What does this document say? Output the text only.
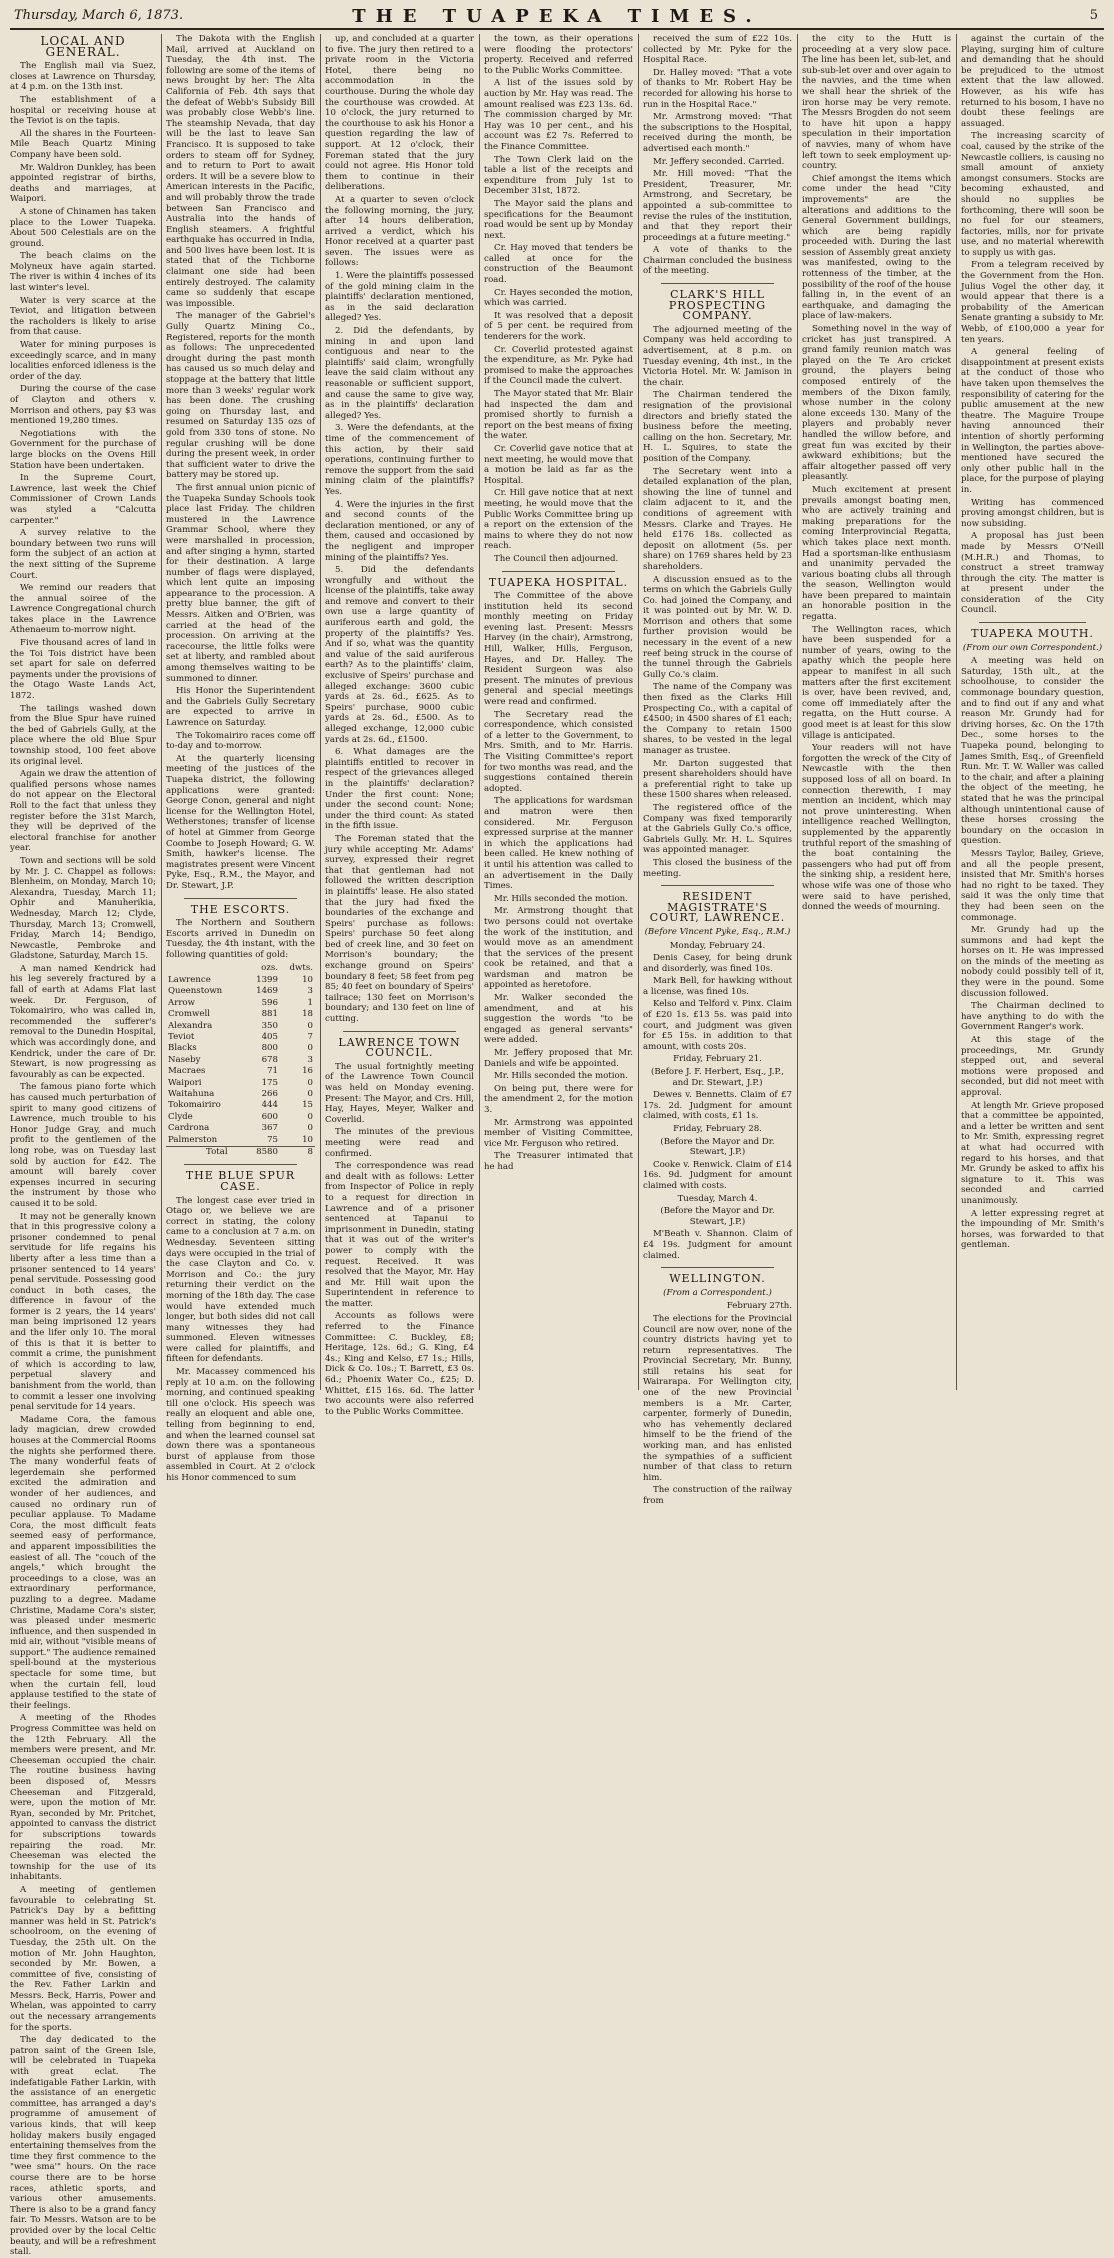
Thursday, March 6, 1873.	THE TUAPEKA TIMES.	5
LOCAL AND GENERAL.

The English mail via Suez, closes at Lawrence on Thursday, at 4 p.m. on the 13th inst.

The establishment of a hospital or receiving house at the Teviot is on the tapis.

All the shares in the Fourteen-Mile Beach Quartz Mining Company have been sold.

Mr. Waldron Dunkley, has been appointed registrar of births, deaths and marriages, at Waipori.

A stone of Chinamen has taken place to the Lower Tuapeka. About 500 Celestials are on the ground.

The beach claims on the Molyneux have again started. The river is within 4 inches of its last winter's level.

Water is very scarce at the Teviot, and litigation between the racholders is likely to arise from that cause.

Water for mining purposes is exceedingly scarce, and in many localities enforced idleness is the order of the day.

During the course of the case of Clayton and others v. Morrison and others, pay $3 was mentioned 19,280 times.

Negotiations with the Government for the purchase of large blocks on the Ovens Hill Station have been undertaken.

In the Supreme Court, Lawrence, last week the Chief Commissioner of Crown Lands was styled a "Calcutta carpenter."

A survey relative to the boundary between two runs will form the subject of an action at the next sitting of the Supreme Court.

We remind our readers that the annual soiree of the Lawrence Congregational church takes place in the Lawrence Athenaeum to-morrow night.

Five thousand acres of land in the Toi Tois district have been set apart for sale on deferred payments under the provisions of the Otago Waste Lands Act, 1872.

The tailings washed down from the Blue Spur have ruined the bed of Gabriels Gully, at the place where the old Blue Spur township stood, 100 feet above its original level.

Again we draw the attention of qualified persons whose names do not appear on the Electoral Roll to the fact that unless they register before the 31st March, they will be deprived of the electoral franchise for another year.

Town and sections will be sold by Mr. J. C. Chappel as follows: Blenheim, on Monday, March 10; Alexandra, Tuesday, March 11; Ophir and Manuherikia, Wednesday, March 12; Clyde, Thursday, March 13; Cromwell, Friday, March 14; Bendigo, Newcastle, Pembroke and Gladstone, Saturday, March 15.

A man named Kendrick had his leg severely fractured by a fall of earth at Adams Flat last week. Dr. Ferguson, of Tokomairiro, who was called in, recommended the sufferer's removal to the Dunedin Hospital, which was accordingly done, and Kendrick, under the care of Dr. Stewart, is now progressing as favourably as can be expected.

The famous piano forte which has caused much perturbation of spirit to many good citizens of Lawrence, much trouble to his Honor Judge Gray, and much profit to the gentlemen of the long robe, was on Tuesday last sold by auction for £42. The amount will barely cover expenses incurred in securing the instrument by those who caused it to be sold.

It may not be generally known that in this progressive colony a prisoner condemned to penal servitude for life regains his liberty after a less time than a prisoner sentenced to 14 years' penal servitude. Possessing good conduct in both cases, the difference in favour of the former is 2 years, the 14 years' man being imprisoned 12 years and the lifer only 10. The moral of this is that it is better to commit a crime, the punishment of which is according to law, perpetual slavery and banishment from the world, than to commit a lesser one involving penal servitude for 14 years.

Madame Cora, the famous lady magician, drew crowded houses at the Commercial Rooms the nights she performed there. The many wonderful feats of legerdemain she performed excited the admiration and wonder of her audiences, and caused no ordinary run of peculiar applause. To Madame Cora, the most difficult feats seemed easy of performance, and apparent impossibilities the easiest of all. The "couch of the angels," which brought the proceedings to a close, was an extraordinary performance, puzzling to a degree. Madame Christine, Madame Cora's sister, was pleased under mesmeric influence, and then suspended in mid air, without "visible means of support." The audience remained spell-bound at the mysterious spectacle for some time, but when the curtain fell, loud applause testified to the state of their feelings.

A meeting of the Rhodes Progress Committee was held on the 12th February. All the members were present, and Mr. Cheeseman occupied the chair. The routine business having been disposed of, Messrs Cheeseman and Fitzgerald, were, upon the motion of Mr. Ryan, seconded by Mr. Pritchet, appointed to canvass the district for subscriptions towards repairing the road. Mr. Cheeseman was elected the township for the use of its inhabitants.

A meeting of gentlemen favourable to celebrating St. Patrick's Day by a befitting manner was held in St. Patrick's schoolroom, on the evening of Tuesday, the 25th ult. On the motion of Mr. John Haughton, seconded by Mr. Bowen, a committee of five, consisting of the Rev. Father Larkin and Messrs. Beck, Harris, Power and Whelan, was appointed to carry out the necessary arrangements for the sports.

The day dedicated to the patron saint of the Green Isle, will be celebrated in Tuapeka with great eclat. The indefatigable Father Larkin, with the assistance of an energetic committee, has arranged a day's programme of amusement of various kinds, that will keep holiday makers busily engaged entertaining themselves from the time they first commence to the "wee sma'" hours. On the race course there are to be horse races, athletic sports, and various other amusements. There is also to be a grand fancy fair. To Messrs. Watson are to be provided over by the local Celtic beauty, and will be a refreshment stall.

The Dakota with the English Mail, arrived at Auckland on Tuesday, the 4th inst. The following are some of the items of news brought by her: The Alta California of Feb. 4th says that the defeat of Webb's Subsidy Bill was probably close Webb's line. The steamship Nevada, that day will be the last to leave San Francisco. It is supposed to take orders to steam off for Sydney, and to return to Port to await orders. It will be a severe blow to American interests in the Pacific, and will probably throw the trade between San Francisco and Australia into the hands of English steamers. A frightful earthquake has occurred in India, and 500 lives have been lost. It is stated that of the Tichborne claimant one side had been entirely destroyed. The calamity came so suddenly that escape was impossible.

The manager of the Gabriel's Gully Quartz Mining Co., Registered, reports for the month as follows: The unprecedented drought during the past month has caused us so much delay and stoppage at the battery that little more than 3 weeks' regular work has been done. The crushing going on Thursday last, and resumed on Saturday 135 ozs of gold from 330 tons of stone. No regular crushing will be done during the present week, in order that sufficient water to drive the battery may be stored up.

The first annual union picnic of the Tuapeka Sunday Schools took place last Friday. The children mustered in the Lawrence Grammar School, where they were marshalled in procession, and after singing a hymn, started for their destination. A large number of flags were displayed, which lent quite an imposing appearance to the procession. A pretty blue banner, the gift of Messrs. Aitken and O'Brien, was carried at the head of the procession. On arriving at the racecourse, the little folks were set at liberty, and rambled about among themselves waiting to be summoned to dinner.

His Honor the Superintendent and the Gabriels Gully Secretary are expected to arrive in Lawrence on Saturday.

The Tokomairiro races come off to-day and to-morrow.

At the quarterly licensing meeting of the justices of the Tuapeka district, the following applications were granted: George Conon, general and night license for the Wellington Hotel, Wetherstones; transfer of license of hotel at Gimmer from George Coombe to Joseph Howard; G. W. Smith, hawker's license. The magistrates present were Vincent Pyke, Esq., R.M., the Mayor, and Dr. Stewart, J.P.

THE ESCORTS.

The Northern and Southern Escorts arrived in Dunedin on Tuesday, the 4th instant, with the following quantities of gold:

	ozs.	dwts.
Lawrence	1399	10
Queenstown	1469	3
Arrow	596	1
Cromwell	881	18
Alexandra	350	0
Teviot	405	7
Blacks	800	0
Naseby	678	3
Macraes	71	16
Waipori	175	0
Waitahuna	266	0
Tokomairiro	444	15
Clyde	600	0
Cardrona	367	0
Palmerston	75	10
Total	8580	8
THE BLUE SPUR CASE.

The longest case ever tried in Otago or, we believe we are correct in stating, the colony came to a conclusion at 7 a.m. on Wednesday. Seventeen sitting days were occupied in the trial of the case Clayton and Co. v. Morrison and Co.: the jury returning their verdict on the morning of the 18th day. The case would have extended much longer, but both sides did not call many witnesses they had summoned. Eleven witnesses were called for plaintiffs, and fifteen for defendants.

Mr. Macassey commenced his reply at 10 a.m. on the following morning, and continued speaking till one o'clock. His speech was really an eloquent and able one, telling from beginning to end, and when the learned counsel sat down there was a spontaneous burst of applause from those assembled in Court. At 2 o'clock his Honor commenced to sum

up, and concluded at a quarter to five. The jury then retired to a private room in the Victoria Hotel, there being no accommodation in the courthouse. During the whole day the courthouse was crowded. At 10 o'clock, the jury returned to the courthouse to ask his Honor a question regarding the law of support. At 12 o'clock, their Foreman stated that the jury could not agree. His Honor told them to continue in their deliberations.

At a quarter to seven o'clock the following morning, the jury, after 14 hours deliberation, arrived a verdict, which his Honor received at a quarter past seven. The issues were as follows:

1. Were the plaintiffs possessed of the gold mining claim in the plaintiffs' declaration mentioned, as in the said declaration alleged? Yes.

2. Did the defendants, by mining in and upon land contiguous and near to the plaintiffs' said claim, wrongfully leave the said claim without any reasonable or sufficient support, and cause the same to give way, as in the plaintiffs' declaration alleged? Yes.

3. Were the defendants, at the time of the commencement of this action, by their said operations, continuing further to remove the support from the said mining claim of the plaintiffs? Yes.

4. Were the injuries in the first and second counts of the declaration mentioned, or any of them, caused and occasioned by the negligent and improper mining of the plaintiffs? Yes.

5. Did the defendants wrongfully and without the license of the plaintiffs, take away and remove and convert to their own use a large quantity of auriferous earth and gold, the property of the plaintiffs? Yes. And if so, what was the quantity and value of the said auriferous earth? As to the plaintiffs' claim, exclusive of Speirs' purchase and alleged exchange: 3600 cubic yards at 2s. 6d., £625. As to Speirs' purchase, 9000 cubic yards at 2s. 6d., £500. As to alleged exchange, 12,000 cubic yards at 2s. 6d., £1500.

6. What damages are the plaintiffs entitled to recover in respect of the grievances alleged in the plaintiffs' declaration? Under the first count: None; under the second count: None; under the third count: As stated in the fifth issue.

The Foreman stated that the jury while accepting Mr. Adams' survey, expressed their regret that that gentleman had not followed the written description in plaintiffs' lease. He also stated that the jury had fixed the boundaries of the exchange and Speirs' purchase as follows: Speirs' purchase 50 feet along bed of creek line, and 30 feet on Morrison's boundary; the exchange ground on Speirs' boundary 8 feet; 58 feet from peg 85; 40 feet on boundary of Speirs' tailrace; 130 feet on Morrison's boundary; and 130 feet on line of cutting.

LAWRENCE TOWN COUNCIL.

The usual fortnightly meeting of the Lawrence Town Council was held on Monday evening. Present: The Mayor, and Crs. Hill, Hay, Hayes, Meyer, Walker and Coverlid.

The minutes of the previous meeting were read and confirmed.

The correspondence was read and dealt with as follows: Letter from Inspector of Police in reply to a request for direction in Lawrence and of a prisoner sentenced at Tapanui to imprisonment in Dunedin, stating that it was out of the writer's power to comply with the request. Received. It was resolved that the Mayor, Mr. Hay and Mr. Hill wait upon the Superintendent in reference to the matter.

Accounts as follows were referred to the Finance Committee: C. Buckley, £8; Heritage, 12s. 6d.; G. King, £4 4s.; King and Kelso, £7 1s.; Hills, Dick & Co. 10s.; T. Barrett, £3 0s. 6d.; Phoenix Water Co., £25; D. Whittet, £15 16s. 6d. The latter two accounts were also referred to the Public Works Committee.

the town, as their operations were flooding the protectors' property. Received and referred to the Public Works Committee.

A list of the issues sold by auction by Mr. Hay was read. The amount realised was £23 13s. 6d. The commission charged by Mr. Hay was 10 per cent., and his account was £2 7s. Referred to the Finance Committee.

The Town Clerk laid on the table a list of the receipts and expenditure from July 1st to December 31st, 1872.

The Mayor said the plans and specifications for the Beaumont road would be sent up by Monday next.

Cr. Hay moved that tenders be called at once for the construction of the Beaumont road.

Cr. Hayes seconded the motion, which was carried.

It was resolved that a deposit of 5 per cent. be required from tenderers for the work.

Cr. Coverlid protested against the expenditure, as Mr. Pyke had promised to make the approaches if the Council made the culvert.

The Mayor stated that Mr. Blair had inspected the dam and promised shortly to furnish a report on the best means of fixing the water.

Cr. Coverlid gave notice that at next meeting, he would move that a motion be laid as far as the Hospital.

Cr. Hill gave notice that at next meeting, he would move that the Public Works Committee bring up a report on the extension of the mains to where they do not now reach.

The Council then adjourned.

TUAPEKA HOSPITAL.

The Committee of the above institution held its second monthly meeting on Friday evening last. Present: Messrs Harvey (in the chair), Armstrong, Hill, Walker, Hills, Ferguson, Hayes, and Dr. Halley. The Resident Surgeon was also present. The minutes of previous general and special meetings were read and confirmed.

The Secretary read the correspondence, which consisted of a letter to the Government, to Mrs. Smith, and to Mr. Harris. The Visiting Committee's report for two months was read, and the suggestions contained therein adopted.

The applications for wardsman and matron were then considered. Mr. Ferguson expressed surprise at the manner in which the applications had been called. He knew nothing of it until his attention was called to an advertisement in the Daily Times.

Mr. Hills seconded the motion.

Mr. Armstrong thought that two persons could not overtake the work of the institution, and would move as an amendment that the services of the present cook be retained, and that a wardsman and matron be appointed as heretofore.

Mr. Walker seconded the amendment, and at his suggestion the words "to be engaged as general servants" were added.

Mr. Jeffery proposed that Mr. Daniels and wife be appointed.

Mr. Hills seconded the motion.

On being put, there were for the amendment 2, for the motion 3.

Mr. Armstrong was appointed member of Visiting Committee, vice Mr. Ferguson who retired.

The Treasurer intimated that he had

received the sum of £22 10s. collected by Mr. Pyke for the Hospital Race.

Dr. Halley moved: "That a vote of thanks to Mr. Robert Hay be recorded for allowing his horse to run in the Hospital Race."

Mr. Armstrong moved: "That the subscriptions to the Hospital, received during the month, be advertised each month."

Mr. Jeffery seconded. Carried.

Mr. Hill moved: "That the President, Treasurer, Mr. Armstrong, and Secretary, be appointed a sub-committee to revise the rules of the institution, and that they report their proceedings at a future meeting."

A vote of thanks to the Chairman concluded the business of the meeting.

CLARK'S HILL PROSPECTING COMPANY.

The adjourned meeting of the Company was held according to advertisement, at 8 p.m. on Tuesday evening, 4th inst., in the Victoria Hotel. Mr. W. Jamison in the chair.

The Chairman tendered the resignation of the provisional directors and briefly stated the business before the meeting, calling on the hon. Secretary, Mr. H. L. Squires, to state the position of the Company.

The Secretary went into a detailed explanation of the plan, showing the line of tunnel and claim adjacent to it, and the conditions of agreement with Messrs. Clarke and Trayes. He held £176 18s. collected as deposit on allotment (5s. per share) on 1769 shares held by 23 shareholders.

A discussion ensued as to the terms on which the Gabriels Gully Co. had joined the Company, and it was pointed out by Mr. W. D. Morrison and others that some further provision would be necessary in the event of a new reef being struck in the course of the tunnel through the Gabriels Gully Co.'s claim.

The name of the Company was then fixed as the Clarks Hill Prospecting Co., with a capital of £4500; in 4500 shares of £1 each; the Company to retain 1500 shares, to be vested in the legal manager as trustee.

Mr. Darton suggested that present shareholders should have a preferential right to take up these 1500 shares when released.

The registered office of the Company was fixed temporarily at the Gabriels Gully Co.'s office, Gabriels Gully. Mr. H. L. Squires was appointed manager.

This closed the business of the meeting.

RESIDENT MAGISTRATE'S COURT, LAWRENCE.
(Before Vincent Pyke, Esq., R.M.)

Monday, February 24.

Denis Casey, for being drunk and disorderly, was fined 10s.

Mark Bell, for hawking without a license, was fined 10s.

Kelso and Telford v. Pinx. Claim of £20 1s. £13 5s. was paid into court, and judgment was given for £5 15s. in addition to that amount, with costs 20s.

Friday, February 21.

(Before J. F. Herbert, Esq., J.P., and Dr. Stewart, J.P.)

Dewes v. Bennetts. Claim of £7 17s. 2d. Judgment for amount claimed, with costs, £1 1s.

Friday, February 28.

(Before the Mayor and Dr. Stewart, J.P.)

Cooke v. Renwick. Claim of £14 16s. 9d. Judgment for amount claimed with costs.

Tuesday, March 4.

(Before the Mayor and Dr. Stewart, J.P.)

M'Beath v. Shannon. Claim of £4 19s. Judgment for amount claimed.

WELLINGTON.
(From a Correspondent.)

February 27th.

The elections for the Provincial Council are now over, none of the country districts having yet to return representatives. The Provincial Secretary, Mr. Bunny, still retains his seat for Wairarapa. For Wellington city, one of the new Provincial members is a Mr. Carter, carpenter, formerly of Dunedin, who has vehemently declared himself to be the friend of the working man, and has enlisted the sympathies of a sufficient number of that class to return him.

The construction of the railway from

the city to the Hutt is proceeding at a very slow pace. The line has been let, sub-let, and sub-sub-let over and over again to the navvies, and the time when we shall hear the shriek of the iron horse may be very remote. The Messrs Brogden do not seem to have hit upon a happy speculation in their importation of navvies, many of whom have left town to seek employment up-country.

Chief amongst the items which come under the head "City improvements" are the alterations and additions to the General Government buildings, which are being rapidly proceeded with. During the last session of Assembly great anxiety was manifested, owing to the rottenness of the timber, at the possibility of the roof of the house falling in, in the event of an earthquake, and damaging the place of law-makers.

Something novel in the way of cricket has just transpired. A grand family reunion match was played on the Te Aro cricket ground, the players being composed entirely of the members of the Dixon family, whose number in the colony alone exceeds 130. Many of the players and probably never handled the willow before, and great fun was excited by their awkward exhibitions; but the affair altogether passed off very pleasantly.

Much excitement at present prevails amongst boating men, who are actively training and making preparations for the coming Interprovincial Regatta, which takes place next month. Had a sportsman-like enthusiasm and unanimity pervaded the various boating clubs all through the season, Wellington would have been prepared to maintain an honorable position in the regatta.

The Wellington races, which have been suspended for a number of years, owing to the apathy which the people here appear to manifest in all such matters after the first excitement is over, have been revived, and, come off immediately after the regatta, on the Hutt course. A good meet is at least for this slow village is anticipated.

Your readers will not have forgotten the wreck of the City of Newcastle with the then supposed loss of all on board. In connection therewith, I may mention an incident, which may not prove uninteresting. When intelligence reached Wellington, supplemented by the apparently truthful report of the smashing of the boat containing the passengers who had put off from the sinking ship, a resident here, whose wife was one of those who were said to have perished, donned the weeds of mourning.

against the curtain of the Playing, surging him of culture and demanding that he should be prejudiced to the utmost extent that the law allowed. However, as his wife has returned to his bosom, I have no doubt these feelings are assuaged.

The increasing scarcity of coal, caused by the strike of the Newcastle colliers, is causing no small amount of anxiety amongst consumers. Stocks are becoming exhausted, and should no supplies be forthcoming, there will soon be no fuel for our steamers, factories, mills, nor for private use, and no material wherewith to supply us with gas.

From a telegram received by the Government from the Hon. Julius Vogel the other day, it would appear that there is a probability of the American Senate granting a subsidy to Mr. Webb, of £100,000 a year for ten years.

A general feeling of disappointment at present exists at the conduct of those who have taken upon themselves the responsibility of catering for the public amusement at the new theatre. The Maguire Troupe having announced their intention of shortly performing in Wellington, the parties above-mentioned have secured the only other public hall in the place, for the purpose of playing in.

Writing has commenced proving amongst children, but is now subsiding.

A proposal has just been made by Messrs O'Neill (M.H.R.) and Thomas, to construct a street tramway through the city. The matter is at present under the consideration of the City Council.

TUAPEKA MOUTH.
(From our own Correspondent.)

A meeting was held on Saturday, 15th ult., at the schoolhouse, to consider the commonage boundary question, and to find out if any and what reason Mr. Grundy had for driving horses, &c. On the 17th Dec., some horses to the Tuapeka pound, belonging to James Smith, Esq., of Greenfield Run. Mr. T. W. Waller was called to the chair, and after a plaining the object of the meeting, he stated that he was the principal although unintentional cause of these horses crossing the boundary on the occasion in question.

Messrs Taylor, Bailey, Grieve, and all the people present, insisted that Mr. Smith's horses had no right to be taxed. They said it was the only time that they had been seen on the commonage.

Mr. Grundy had up the summons and had kept the horses on it. He was impressed on the minds of the meeting as nobody could possibly tell of it, they were in the pound. Some discussion followed.

The Chairman declined to have anything to do with the Government Ranger's work.

At this stage of the proceedings, Mr. Grundy stepped out, and several motions were proposed and seconded, but did not meet with approval.

At length Mr. Grieve proposed that a committee be appointed, and a letter be written and sent to Mr. Smith, expressing regret at what had occurred with regard to his horses, and that Mr. Grundy be asked to affix his signature to it. This was seconded and carried unanimously.

A letter expressing regret at the impounding of Mr. Smith's horses, was forwarded to that gentleman.
